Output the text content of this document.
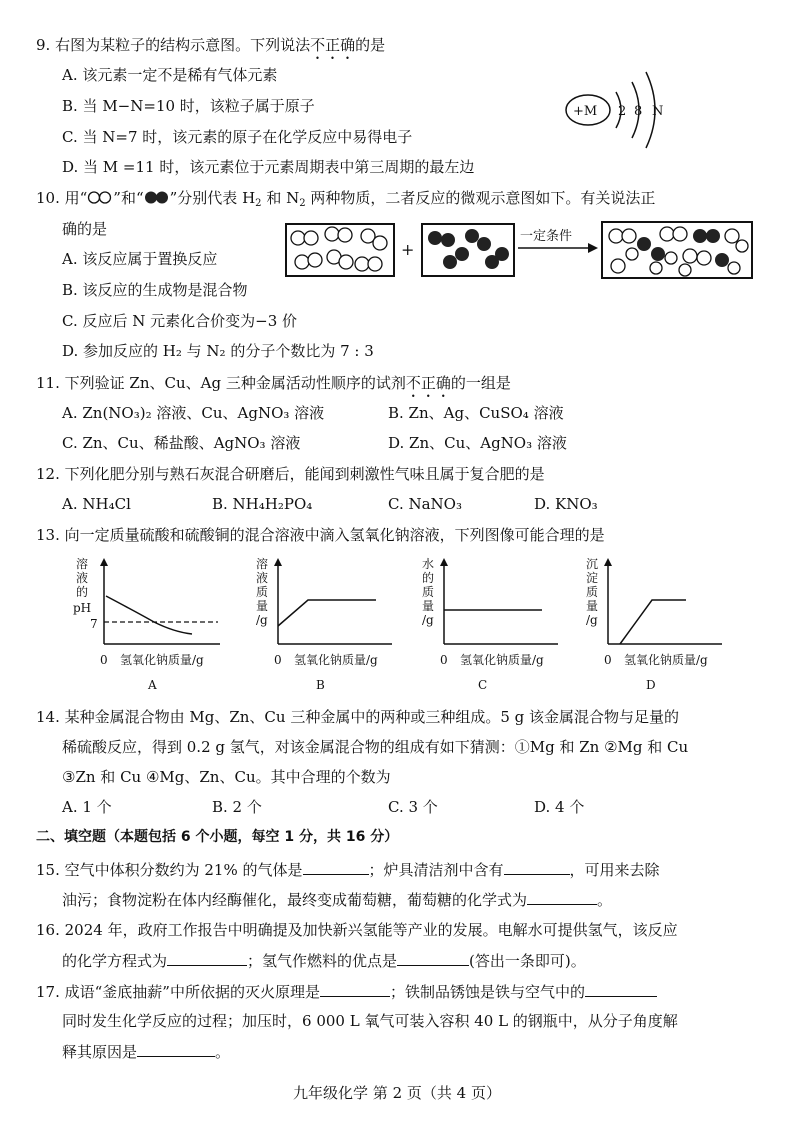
9. 右图为某粒子的结构示意图。下列说法不正确的是
A. 该元素一定不是稀有气体元素
B. 当 M−N=10 时，该粒子属于原子
C. 当 N=7 时，该元素的原子在化学反应中易得电子
D. 当 M =11 时，该元素位于元素周期表中第三周期的最左边
+M 2 8 N
10. 用“ ”和“ ”分别代表 $H_2$ 和 $N_2$ 两种物质，二者反应的微观示意图如下。有关说法正
确的是
A. 该反应属于置换反应
B. 该反应的生成物是混合物
C. 反应后 N 元素化合价变为−3 价
D. 参加反应的 H₂ 与 N₂ 的分子个数比为 7 : 3
+
一定条件
11. 下列验证 Zn、Cu、Ag 三种金属活动性顺序的试剂不正确的一组是
A. Zn(NO₃)₂ 溶液、Cu、AgNO₃ 溶液	B. Zn、Ag、CuSO₄ 溶液
C. Zn、Cu、稀盐酸、AgNO₃ 溶液	D. Zn、Cu、AgNO₃ 溶液
12. 下列化肥分别与熟石灰混合研磨后，能闻到刺激性气味且属于复合肥的是
A. NH₄Cl	B. NH₄H₂PO₄	C. NaNO₃	D. KNO₃
13. 向一定质量硫酸和硫酸铜的混合溶液中滴入氢氧化钠溶液，下列图像可能合理的是
溶
液
的
pH
7
0 氢氧化钠质量/g
A
溶
液
质
量
/g
0 氢氧化钠质量/g
B
水
的
质
量
/g
0 氢氧化钠质量/g
C
沉
淀
质
量
/g
0 氢氧化钠质量/g
D
14. 某种金属混合物由 Mg、Zn、Cu 三种金属中的两种或三种组成。5 g 该金属混合物与足量的
稀硫酸反应，得到 0.2 g 氢气，对该金属混合物的组成有如下猜测：①Mg 和 Zn ②Mg 和 Cu
③Zn 和 Cu ④Mg、Zn、Cu。其中合理的个数为
A. 1 个	B. 2 个	C. 3 个	D. 4 个
二、填空题（本题包括 6 个小题，每空 1 分，共 16 分）
15. 空气中体积分数约为 21% 的气体是	；炉具清洁剂中含有	，可用来去除
油污；食物淀粉在体内经酶催化，最终变成葡萄糖，葡萄糖的化学式为	。
16. 2024 年，政府工作报告中明确提及加快新兴氢能等产业的发展。电解水可提供氢气，该反应
的化学方程式为	；氢气作燃料的优点是	(答出一条即可)。
17. 成语“釜底抽薪”中所依据的灭火原理是	；铁制品锈蚀是铁与空气中的
同时发生化学反应的过程；加压时，6 000 L 氧气可装入容积 40 L 的钢瓶中，从分子角度解
释其原因是	。
九年级化学 第 2 页（共 4 页）
